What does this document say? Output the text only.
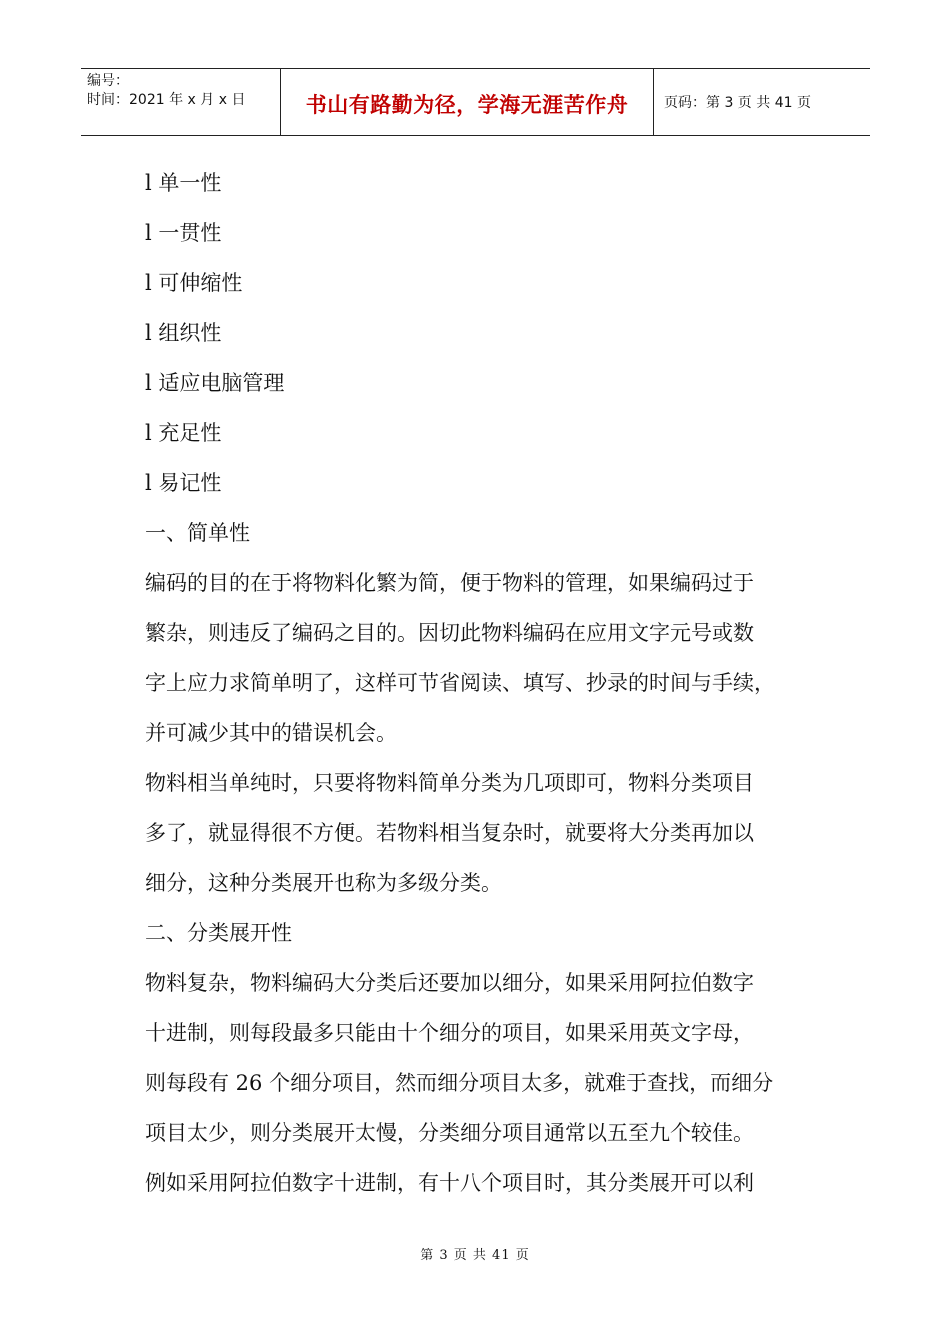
编号：
时间：2021 年 x 月 x 日	书山有路勤为径，学海无涯苦作舟	页码：第 3 页 共 41 页

l 单一性

l 一贯性

l 可伸缩性

l 组织性

l 适应电脑管理

l 充足性

l 易记性

一、简单性

编码的目的在于将物料化繁为简，便于物料的管理，如果编码过于

繁杂，则违反了编码之目的。因切此物料编码在应用文字元号或数

字上应力求简单明了，这样可节省阅读、填写、抄录的时间与手续，

并可减少其中的错误机会。

物料相当单纯时，只要将物料简单分类为几项即可，物料分类项目

多了，就显得很不方便。若物料相当复杂时，就要将大分类再加以

细分，这种分类展开也称为多级分类。

二、分类展开性

物料复杂，物料编码大分类后还要加以细分，如果采用阿拉伯数字

十进制，则每段最多只能由十个细分的项目，如果采用英文字母，

则每段有 26 个细分项目，然而细分项目太多，就难于查找，而细分

项目太少，则分类展开太慢，分类细分项目通常以五至九个较佳。

例如采用阿拉伯数字十进制，有十八个项目时，其分类展开可以利

第 3 页 共 41 页
